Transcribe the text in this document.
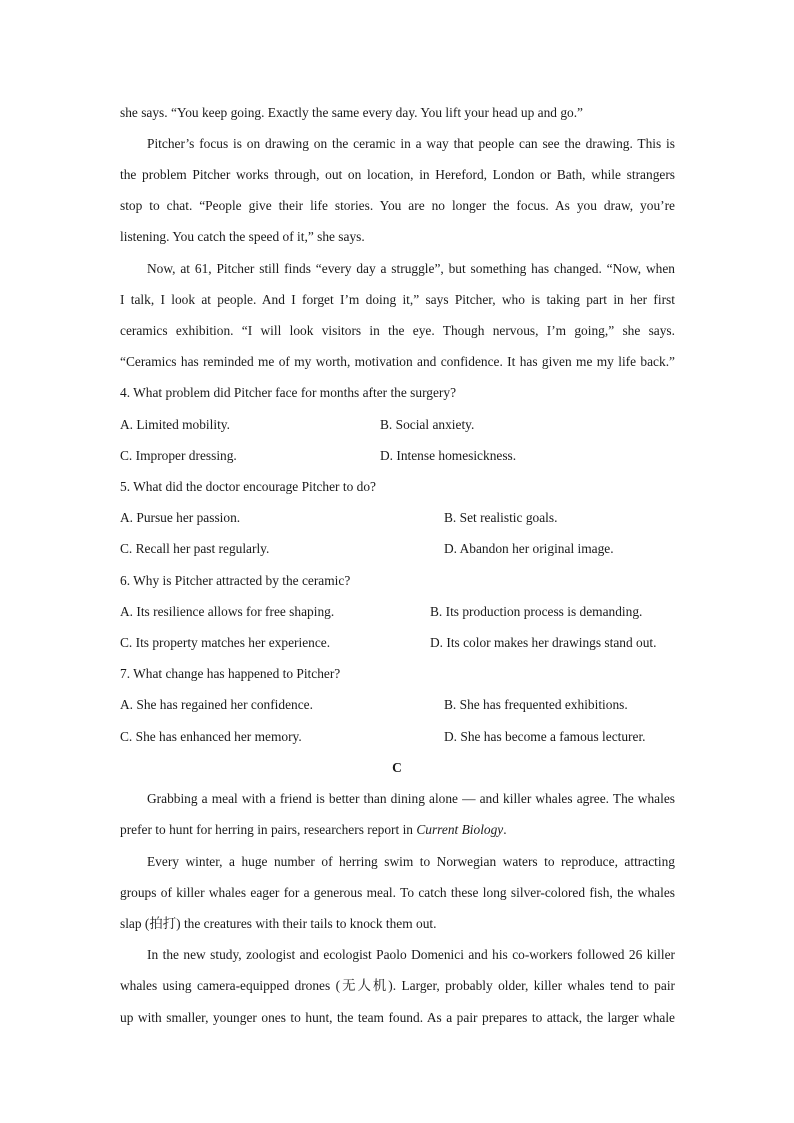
she says. “You keep going. Exactly the same every day. You lift your head up and go.”
Pitcher’s focus is on drawing on the ceramic in a way that people can see the drawing. This is
the problem Pitcher works through, out on location, in Hereford, London or Bath, while strangers
stop to chat. “People give their life stories. You are no longer the focus. As you draw, you’re
listening. You catch the speed of it,” she says.
Now, at 61, Pitcher still finds “every day a struggle”, but something has changed. “Now, when
I talk, I look at people. And I forget I’m doing it,” says Pitcher, who is taking part in her first
ceramics exhibition. “I will look visitors in the eye. Though nervous, I’m going,” she says.
“Ceramics has reminded me of my worth, motivation and confidence. It has given me my life back.”
4. What problem did Pitcher face for months after the surgery?
A. Limited mobility.	B. Social anxiety.
C. Improper dressing.	D. Intense homesickness.
5. What did the doctor encourage Pitcher to do?
A. Pursue her passion.	B. Set realistic goals.
C. Recall her past regularly.	D. Abandon her original image.
6. Why is Pitcher attracted by the ceramic?
A. Its resilience allows for free shaping.	B. Its production process is demanding.
C. Its property matches her experience.	D. Its color makes her drawings stand out.
7. What change has happened to Pitcher?
A. She has regained her confidence.	B. She has frequented exhibitions.
C. She has enhanced her memory.	D. She has become a famous lecturer.
C
Grabbing a meal with a friend is better than dining alone — and killer whales agree. The whales
prefer to hunt for herring in pairs, researchers report in Current Biology.
Every winter, a huge number of herring swim to Norwegian waters to reproduce, attracting
groups of killer whales eager for a generous meal. To catch these long silver-colored fish, the whales
slap (拍打) the creatures with their tails to knock them out.
In the new study, zoologist and ecologist Paolo Domenici and his co-workers followed 26 killer
whales using camera-equipped drones (无人机). Larger, probably older, killer whales tend to pair
up with smaller, younger ones to hunt, the team found. As a pair prepares to attack, the larger whale
